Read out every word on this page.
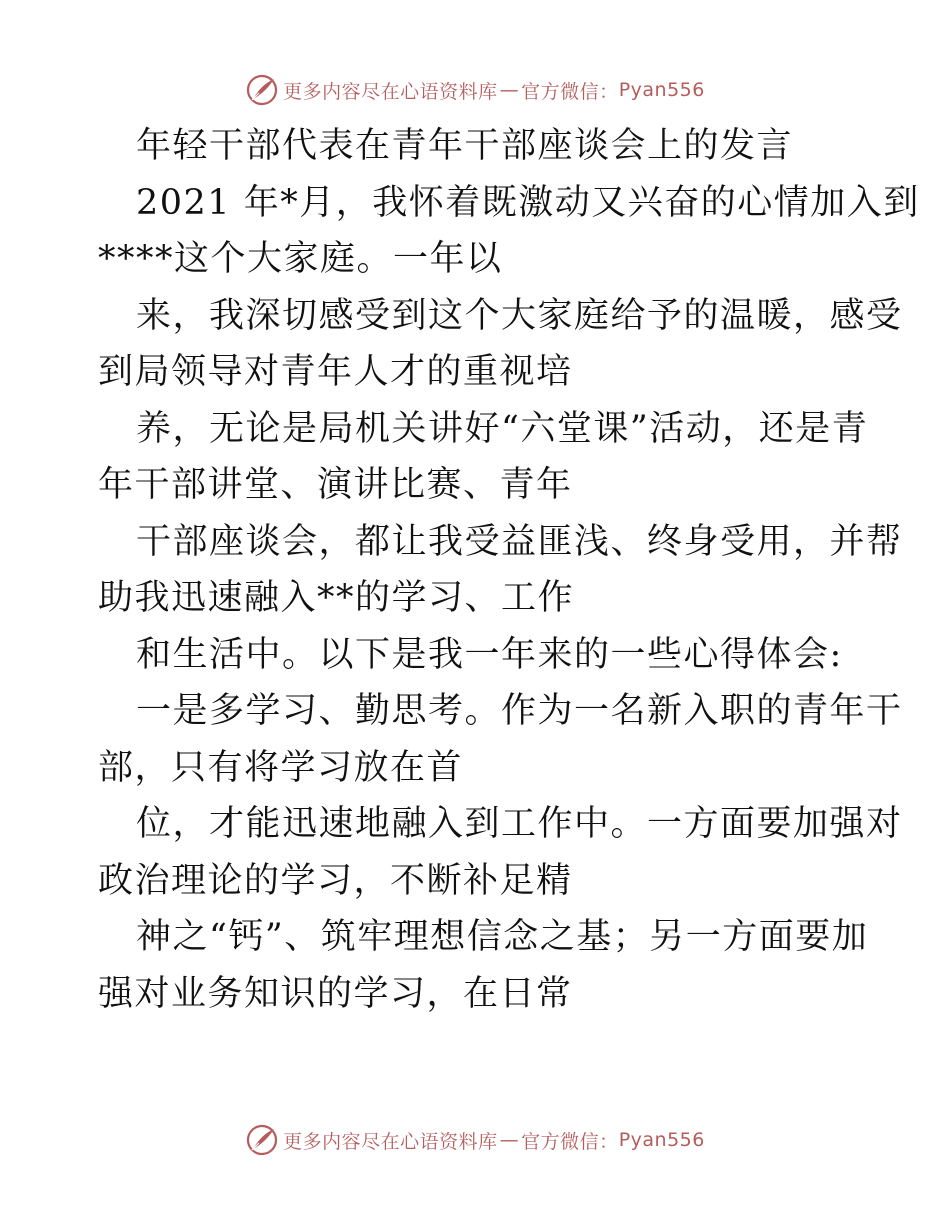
更多内容尽在心语资料库 — 官方微信： Pyan556
年轻干部代表在青年干部座谈会上的发言
2021 年*月，我怀着既激动又兴奋的心情加入到
****这个大家庭。一年以
来，我深切感受到这个大家庭给予的温暖，感受
到局领导对青年人才的重视培
养，无论是局机关讲好“六堂课”活动，还是青
年干部讲堂、演讲比赛、青年
干部座谈会，都让我受益匪浅、终身受用，并帮
助我迅速融入**的学习、工作
和生活中。以下是我一年来的一些心得体会:
一是多学习、勤思考。作为一名新入职的青年干
部，只有将学习放在首
位，才能迅速地融入到工作中。一方面要加强对
政治理论的学习，不断补足精
神之“钙”、筑牢理想信念之基；另一方面要加
强对业务知识的学习，在日常
更多内容尽在心语资料库 — 官方微信： Pyan556
